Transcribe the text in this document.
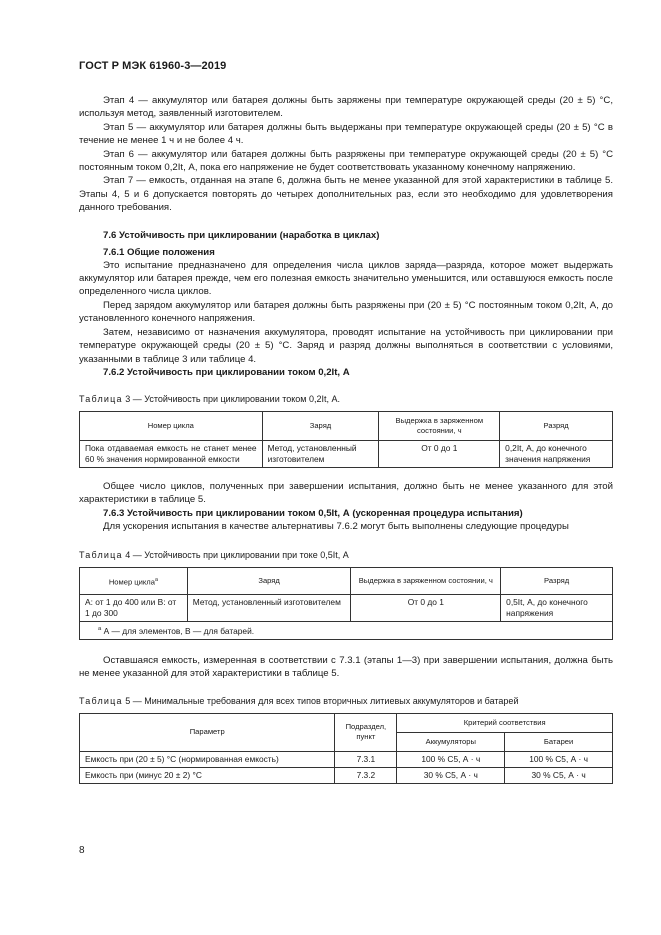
ГОСТ Р МЭК 61960-3—2019

Этап 4 — аккумулятор или батарея должны быть заряжены при температуре окружающей среды (20 ± 5) °С, используя метод, заявленный изготовителем.

Этап 5 — аккумулятор или батарея должны быть выдержаны при температуре окружающей среды (20 ± 5) °С в течение не менее 1 ч и не более 4 ч.

Этап 6 — аккумулятор или батарея должны быть разряжены при температуре окружающей среды (20 ± 5) °С постоянным током 0,2It, А, пока его напряжение не будет соответствовать указанному конечному напряжению.

Этап 7 — емкость, отданная на этапе 6, должна быть не менее указанной для этой характеристики в таблице 5. Этапы 4, 5 и 6 допускается повторять до четырех дополнительных раз, если это необходимо для удовлетворения данного требования.

7.6 Устойчивость при циклировании (наработка в циклах)
7.6.1 Общие положения

Это испытание предназначено для определения числа циклов заряда—разряда, которое может выдержать аккумулятор или батарея прежде, чем его полезная емкость значительно уменьшится, или оставшуюся емкость после определенного числа циклов.

Перед зарядом аккумулятор или батарея должны быть разряжены при (20 ± 5) °С постоянным током 0,2It, А, до установленного конечного напряжения.

Затем, независимо от назначения аккумулятора, проводят испытание на устойчивость при циклировании при температуре окружающей среды (20 ± 5) °С. Заряд и разряд должны выполняться в соответствии с условиями, указанными в таблице 3 или таблице 4.

7.6.2 Устойчивость при циклировании током 0,2It, А
Таблица 3 — Устойчивость при циклировании током 0,2It, А.
Номер цикла	Заряд	Выдержка в заряженном состоянии, ч	Разряд
Пока отдаваемая емкость не станет менее 60 % значения нормированной емкости	Метод, установленный изготовителем	От 0 до 1	0,2It, А, до конечного значения напряжения

Общее число циклов, полученных при завершении испытания, должно быть не менее указанного для этой характеристики в таблице 5.

7.6.3 Устойчивость при циклировании током 0,5It, А (ускоренная процедура испытания)

Для ускорения испытания в качестве альтернативы 7.6.2 могут быть выполнены следующие процедуры

Таблица 4 — Устойчивость при циклировании при токе 0,5It, А
Номер цикла$^а$	Заряд	Выдержка в заряженном состоянии, ч	Разряд
А: от 1 до 400 или В: от 1 до 300	Метод, установленный изготовителем	От 0 до 1	0,5It, А, до конечного напряжения
$^а$ А — для элементов, В — для батарей.			

Оставшаяся емкость, измеренная в соответствии с 7.3.1 (этапы 1—3) при завершении испытания, должна быть не менее указанной для этой характеристики в таблице 5.

Таблица 5 — Минимальные требования для всех типов вторичных литиевых аккумуляторов и батарей
Параметр	Подраздел, пункт	Критерий соответствия	
		Аккумуляторы	Батареи
Емкость при (20 ± 5) °С (нормированная емкость)	7.3.1	100 % C5, А · ч	100 % C5, А · ч
Емкость при (минус 20 ± 2) °С	7.3.2	30 % C5, А · ч	30 % C5, А · ч
8
